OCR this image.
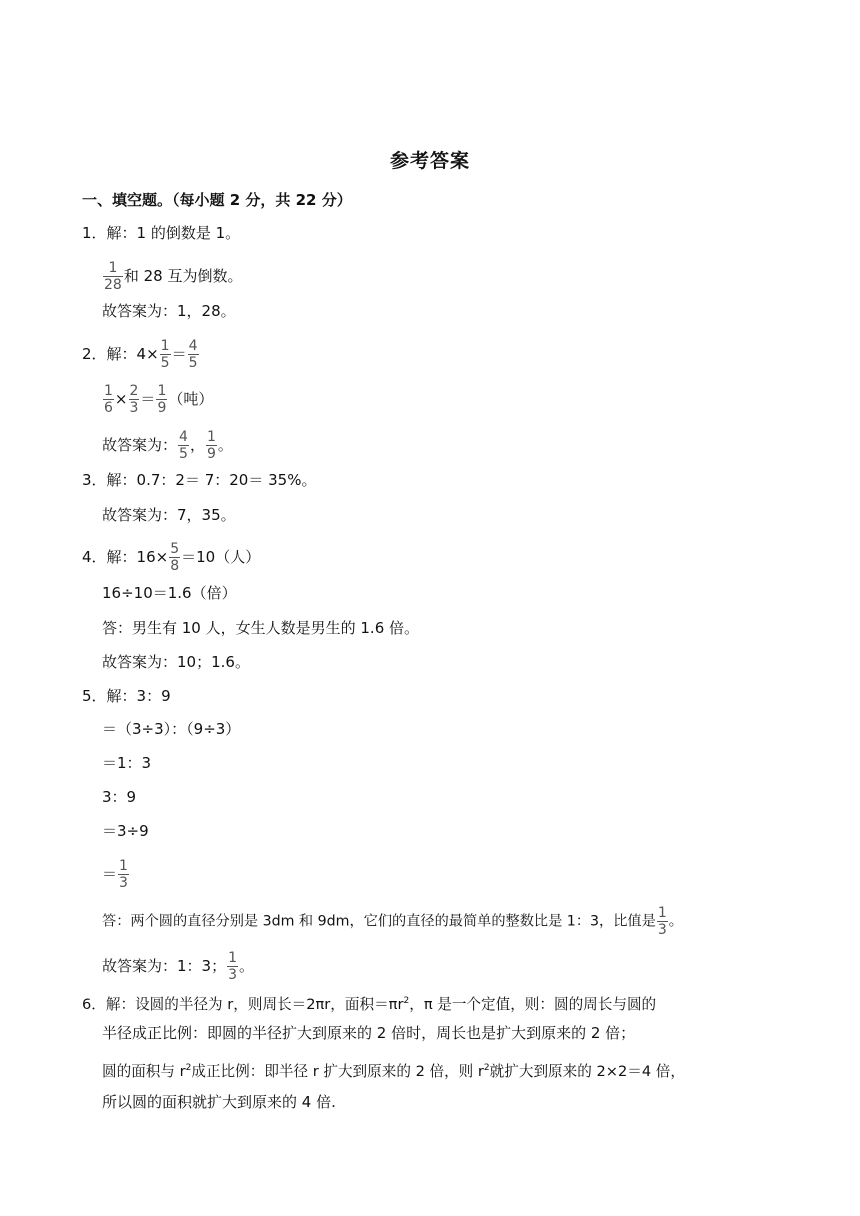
参考答案
一、填空题。（每小题 2 分，共 22 分）
1．解：1 的倒数是 1。
$\frac{1}{28}$ 和 28 互为倒数。
故答案为：1，28。
2．解：$4\times \frac{1}{5} = \frac{4}{5}$
$\frac{1}{6} \times \frac{2}{3} = \frac{1}{9}$ （吨）
故答案为： $\frac{4}{5}$ ， $\frac{1}{9}$ 。
3．解：0.7：2＝ 7：20＝ 35%。
故答案为：7，35。
4．解：$16\times \frac{5}{8} =10$（人）
16÷10＝1.6（倍）
答：男生有 10 人，女生人数是男生的 1.6 倍。
故答案为：10；1.6。
5．解：3：9
＝（3÷3）：（9÷3）
＝1：3
3：9
＝3÷9
＝ $\frac{1}{3}$
答：两个圆的直径分别是 3dm 和 9dm，它们的直径的最简单的整数比是 1：3，比值是 $\frac{1}{3}$ 。
故答案为：1：3； $\frac{1}{3}$ 。
6．解：设圆的半径为 r，则周长＝2πr，面积$=\pi r^2$，π 是一个定值，则：圆的周长与圆的
半径成正比例：即圆的半径扩大到原来的 2 倍时，周长也是扩大到原来的 2 倍；
圆的面积与 $r^2$成正比例：即半径 r 扩大到原来的 2 倍，则 $r^2$就扩大到原来的 2×2＝4 倍，
所以圆的面积就扩大到原来的 4 倍.
